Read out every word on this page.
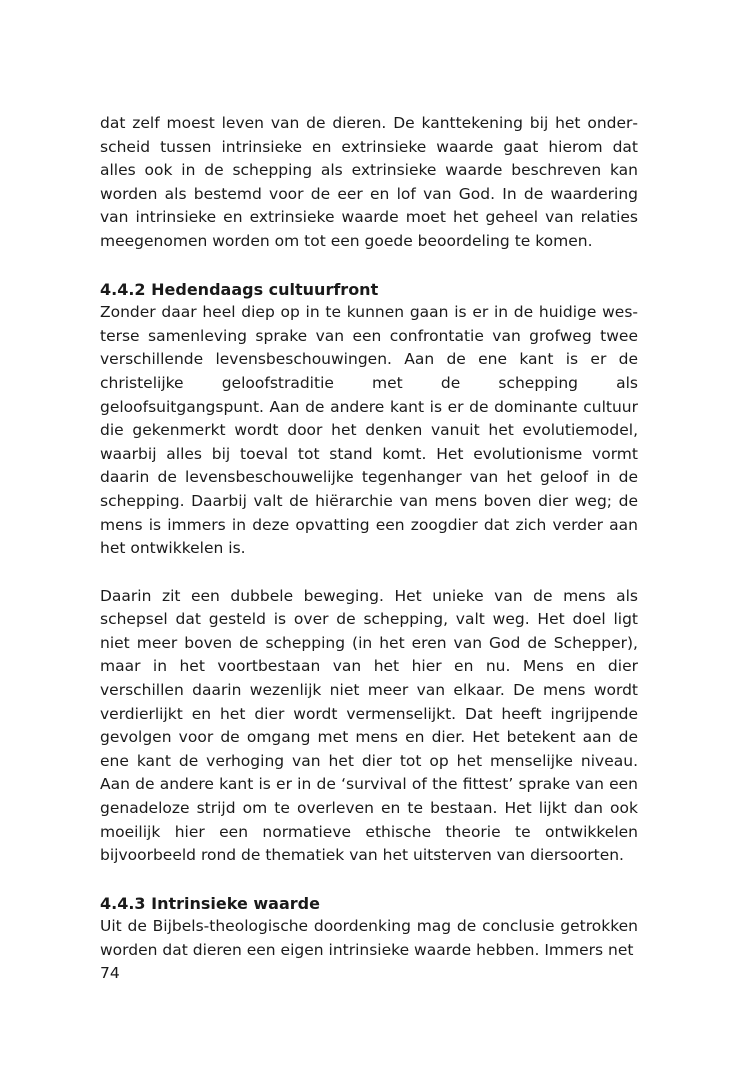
dat zelf moest leven van de dieren. De kanttekening bij het onderscheid tussen intrinsieke en extrinsieke waarde gaat hierom dat alles ook in de schepping als extrinsieke waarde beschreven kan worden als bestemd voor de eer en lof van God. In de waardering van intrinsieke en extrinsieke waarde moet het geheel van relaties meegenomen worden om tot een goede beoordeling te komen.

4.4.2 Hedendaags cultuurfront

Zonder daar heel diep op in te kunnen gaan is er in de huidige westerse samenleving sprake van een confrontatie van grofweg twee verschillende levensbeschouwingen. Aan de ene kant is er de christelijke geloofstraditie met de schepping als geloofsuitgangspunt. Aan de andere kant is er de dominante cultuur die gekenmerkt wordt door het denken vanuit het evolutiemodel, waarbij alles bij toeval tot stand komt. Het evolutionisme vormt daarin de levensbeschouwelijke tegenhanger van het geloof in de schepping. Daarbij valt de hiërarchie van mens boven dier weg; de mens is immers in deze opvatting een zoogdier dat zich verder aan het ontwikkelen is.

Daarin zit een dubbele beweging. Het unieke van de mens als schepsel dat gesteld is over de schepping, valt weg. Het doel ligt niet meer boven de schepping (in het eren van God de Schepper), maar in het voortbestaan van het hier en nu. Mens en dier verschillen daarin wezenlijk niet meer van elkaar. De mens wordt verdierlijkt en het dier wordt vermenselijkt. Dat heeft ingrijpende gevolgen voor de omgang met mens en dier. Het betekent aan de ene kant de verhoging van het dier tot op het menselijke niveau. Aan de andere kant is er in de ‘survival of the fittest’ sprake van een genadeloze strijd om te overleven en te bestaan. Het lijkt dan ook moeilijk hier een normatieve ethische theorie te ontwikkelen bijvoorbeeld rond de thematiek van het uitsterven van diersoorten.

4.4.3 Intrinsieke waarde

Uit de Bijbels-theologische doordenking mag de conclusie getrokken worden dat dieren een eigen intrinsieke waarde hebben. Immers net

74
